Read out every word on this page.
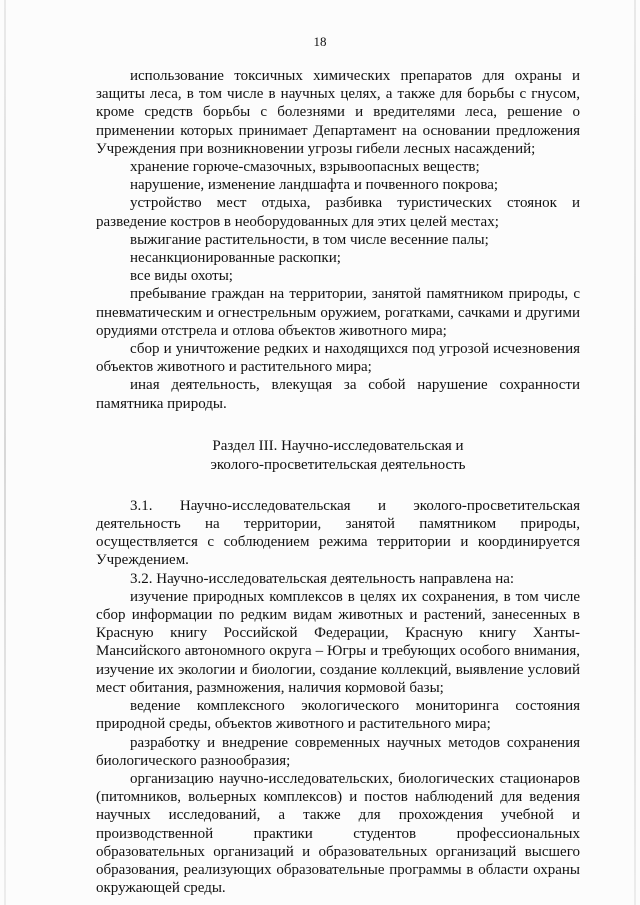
18

использование токсичных химических препаратов для охраны и защиты леса, в том числе в научных целях, а также для борьбы с гнусом, кроме средств борьбы с болезнями и вредителями леса, решение о применении которых принимает Департамент на основании предложения Учреждения при возникновении угрозы гибели лесных насаждений;

хранение горюче-смазочных, взрывоопасных веществ;

нарушение, изменение ландшафта и почвенного покрова;

устройство мест отдыха, разбивка туристических стоянок и разведение костров в необорудованных для этих целей местах;

выжигание растительности, в том числе весенние палы;

несанкционированные раскопки;

все виды охоты;

пребывание граждан на территории, занятой памятником природы, с пневматическим и огнестрельным оружием, рогатками, сачками и другими орудиями отстрела и отлова объектов животного мира;

сбор и уничтожение редких и находящихся под угрозой исчезновения объектов животного и растительного мира;

иная деятельность, влекущая за собой нарушение сохранности памятника природы.

Раздел III. Научно-исследовательская и
эколого-просветительская деятельность

3.1. Научно-исследовательская и эколого-просветительская деятельность на территории, занятой памятником природы, осуществляется с соблюдением режима территории и координируется Учреждением.

3.2. Научно-исследовательская деятельность направлена на:

изучение природных комплексов в целях их сохранения, в том числе сбор информации по редким видам животных и растений, занесенных в Красную книгу Российской Федерации, Красную книгу Ханты-Мансийского автономного округа – Югры и требующих особого внимания, изучение их экологии и биологии, создание коллекций, выявление условий мест обитания, размножения, наличия кормовой базы;

ведение комплексного экологического мониторинга состояния природной среды, объектов животного и растительного мира;

разработку и внедрение современных научных методов сохранения биологического разнообразия;

организацию научно-исследовательских, биологических стационаров (питомников, вольерных комплексов) и постов наблюдений для ведения научных исследований, а также для прохождения учебной и производственной практики студентов профессиональных образовательных организаций и образовательных организаций высшего образования, реализующих образовательные программы в области охраны окружающей среды.
